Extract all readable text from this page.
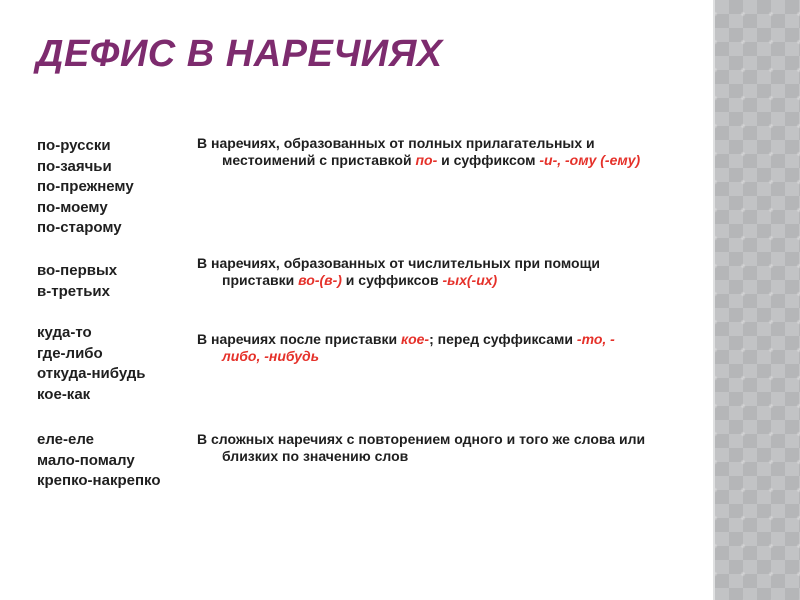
ДЕФИС В НАРЕЧИЯХ
по-русски
по-заячьи
по-прежнему
по-моему
по-старому
В наречиях, образованных от полных прилагательных и
местоимений с приставкой по- и суффиксом -и-, -ому (-ему)
во-первых
в-третьих
В наречиях, образованных от числительных при помощи
приставки во-(в-) и суффиксов -ых(-их)
куда-то
где-либо
откуда-нибудь
кое-как
В наречиях после приставки кое-; перед суффиксами -то, -
либо, -нибудь
еле-еле
мало-помалу
крепко-накрепко
В сложных наречиях с повторением одного и того же слова или
близких по значению слов
